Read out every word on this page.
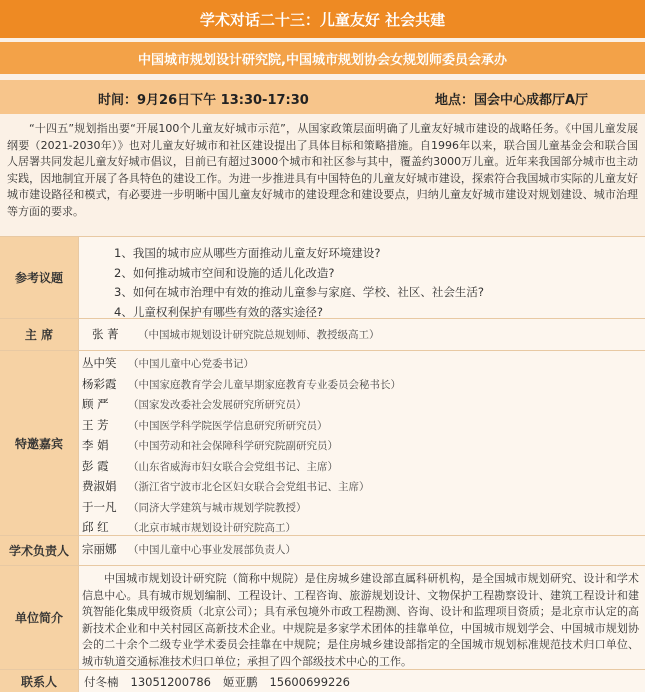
学术对话二十三：儿童友好 社会共建
中国城市规划设计研究院,中国城市规划协会女规划师委员会承办
时间：9月26日下午 13:30-17:30	地点：国会中心成都厅A厅

“十四五”规划指出要“开展100个儿童友好城市示范”，从国家政策层面明确了儿童友好城市建设的战略任务。《中国儿童发展纲要（2021-2030年）》也对儿童友好城市和社区建设提出了具体目标和策略措施。自1996年以来，联合国儿童基金会和联合国人居署共同发起儿童友好城市倡议，目前已有超过3000个城市和社区参与其中，覆盖约3000万儿童。近年来我国部分城市也主动实践，因地制宜开展了各具特色的建设工作。为进一步推进具有中国特色的儿童友好城市建设，探索符合我国城市实际的儿童友好城市建设路径和模式，有必要进一步明晰中国儿童友好城市的建设理念和建设要点，归纳儿童友好城市建设对规划建设、城市治理等方面的要求。

参考议题
1、我国的城市应从哪些方面推动儿童友好环境建设?
2、如何推动城市空间和设施的适儿化改造?
3、如何在城市治理中有效的推动儿童参与家庭、学校、社区、社会生活?
4、儿童权利保护有哪些有效的落实途径?
主 席	张 菁 （中国城市规划设计研究院总规划师、教授级高工）
特邀嘉宾
丛中笑 （中国儿童中心党委书记）
杨彩霞 （中国家庭教育学会儿童早期家庭教育专业委员会秘书长）
顾 严 （国家发改委社会发展研究所研究员）
王 芳 （中国医学科学院医学信息研究所研究员）
李 娟 （中国劳动和社会保障科学研究院副研究员）
彭 霞 （山东省威海市妇女联合会党组书记、主席）
费淑娟 （浙江省宁波市北仑区妇女联合会党组书记、主席）
于一凡 （同济大学建筑与城市规划学院教授）
邱 红 （北京市城市规划设计研究院高工）
学术负责人	宗丽娜 （中国儿童中心事业发展部负责人）
单位简介

中国城市规划设计研究院（简称中规院）是住房城乡建设部直属科研机构，是全国城市规划研究、设计和学术信息中心。具有城市规划编制、工程设计、工程咨询、旅游规划设计、文物保护工程勘察设计、建筑工程设计和建筑智能化集成甲级资质（北京公司）；具有承包境外市政工程勘测、咨询、设计和监理项目资质；是北京市认定的高新技术企业和中关村园区高新技术企业。中规院是多家学术团体的挂靠单位，中国城市规划学会、中国城市规划协会的二十余个二级专业学术委员会挂靠在中规院；是住房城乡建设部指定的全国城市规划标准规范技术归口单位、城市轨道交通标准技术归口单位；承担了四个部级技术中心的工作。

联系人	付冬楠 13051200786 姬亚鹏 15600699226
